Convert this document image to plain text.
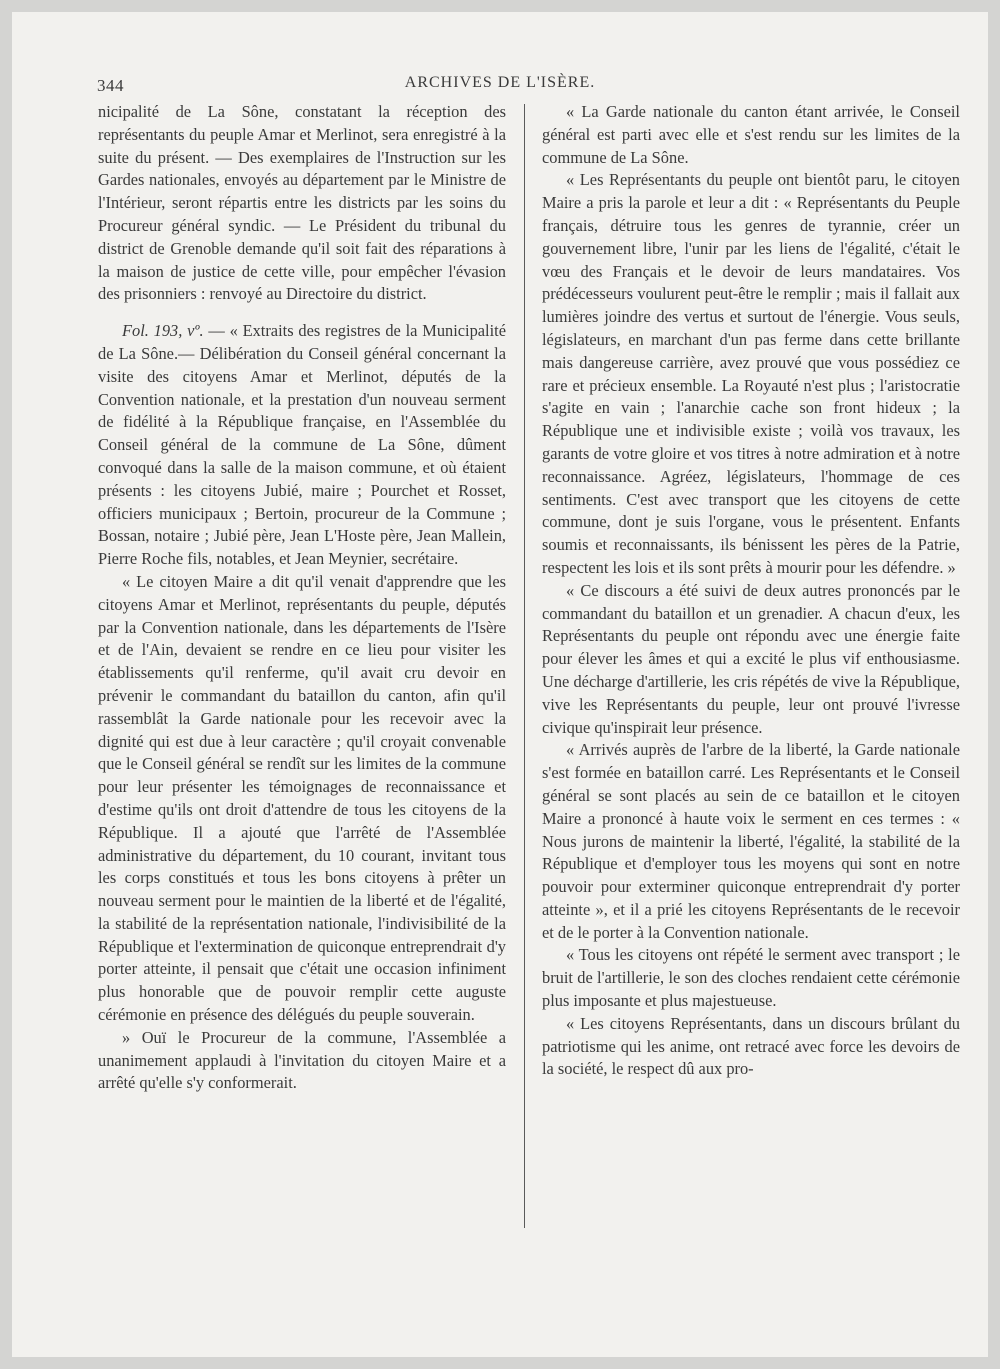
344	ARCHIVES DE L'ISÈRE.

nicipalité de La Sône, constatant la réception des représentants du peuple Amar et Merlinot, sera enregistré à la suite du présent. — Des exemplaires de l'Instruction sur les Gardes nationales, envoyés au département par le Ministre de l'Intérieur, seront répartis entre les districts par les soins du Procureur général syndic. — Le Président du tribunal du district de Grenoble demande qu'il soit fait des réparations à la maison de justice de cette ville, pour empêcher l'évasion des prisonniers : renvoyé au Directoire du district.

Fol. 193, vº. — « Extraits des registres de la Municipalité de La Sône.— Délibération du Conseil général concernant la visite des citoyens Amar et Merlinot, députés de la Convention nationale, et la prestation d'un nouveau serment de fidélité à la République française, en l'Assemblée du Conseil général de la commune de La Sône, dûment convoqué dans la salle de la maison commune, et où étaient présents : les citoyens Jubié, maire ; Pourchet et Rosset, officiers municipaux ; Bertoin, procureur de la Commune ; Bossan, notaire ; Jubié père, Jean L'Hoste père, Jean Mallein, Pierre Roche fils, notables, et Jean Meynier, secrétaire.

« Le citoyen Maire a dit qu'il venait d'apprendre que les citoyens Amar et Merlinot, représentants du peuple, députés par la Convention nationale, dans les départements de l'Isère et de l'Ain, devaient se rendre en ce lieu pour visiter les établissements qu'il renferme, qu'il avait cru devoir en prévenir le commandant du bataillon du canton, afin qu'il rassemblât la Garde nationale pour les recevoir avec la dignité qui est due à leur caractère ; qu'il croyait convenable que le Conseil général se rendît sur les limites de la commune pour leur présenter les témoignages de reconnaissance et d'estime qu'ils ont droit d'attendre de tous les citoyens de la République. Il a ajouté que l'arrêté de l'Assemblée administrative du département, du 10 courant, invitant tous les corps constitués et tous les bons citoyens à prêter un nouveau serment pour le maintien de la liberté et de l'égalité, la stabilité de la représentation nationale, l'indivisibilité de la République et l'extermination de quiconque entreprendrait d'y porter atteinte, il pensait que c'était une occasion infiniment plus honorable que de pouvoir remplir cette auguste cérémonie en présence des délégués du peuple souverain.

» Ouï le Procureur de la commune, l'Assemblée a unanimement applaudi à l'invitation du citoyen Maire et a arrêté qu'elle s'y conformerait.

« La Garde nationale du canton étant arrivée, le Conseil général est parti avec elle et s'est rendu sur les limites de la commune de La Sône.

« Les Représentants du peuple ont bientôt paru, le citoyen Maire a pris la parole et leur a dit : « Représentants du Peuple français, détruire tous les genres de tyrannie, créer un gouvernement libre, l'unir par les liens de l'égalité, c'était le vœu des Français et le devoir de leurs mandataires. Vos prédécesseurs voulurent peut-être le remplir ; mais il fallait aux lumières joindre des vertus et surtout de l'énergie. Vous seuls, législateurs, en marchant d'un pas ferme dans cette brillante mais dangereuse carrière, avez prouvé que vous possédiez ce rare et précieux ensemble. La Royauté n'est plus ; l'aristocratie s'agite en vain ; l'anarchie cache son front hideux ; la République une et indivisible existe ; voilà vos travaux, les garants de votre gloire et vos titres à notre admiration et à notre reconnaissance. Agréez, législateurs, l'hommage de ces sentiments. C'est avec transport que les citoyens de cette commune, dont je suis l'organe, vous le présentent. Enfants soumis et reconnaissants, ils bénissent les pères de la Patrie, respectent les lois et ils sont prêts à mourir pour les défendre. »

« Ce discours a été suivi de deux autres prononcés par le commandant du bataillon et un grenadier. A chacun d'eux, les Représentants du peuple ont répondu avec une énergie faite pour élever les âmes et qui a excité le plus vif enthousiasme. Une décharge d'artillerie, les cris répétés de vive la République, vive les Représentants du peuple, leur ont prouvé l'ivresse civique qu'inspirait leur présence.

« Arrivés auprès de l'arbre de la liberté, la Garde nationale s'est formée en bataillon carré. Les Représentants et le Conseil général se sont placés au sein de ce bataillon et le citoyen Maire a prononcé à haute voix le serment en ces termes : « Nous jurons de maintenir la liberté, l'égalité, la stabilité de la République et d'employer tous les moyens qui sont en notre pouvoir pour exterminer quiconque entreprendrait d'y porter atteinte », et il a prié les citoyens Représentants de le recevoir et de le porter à la Convention nationale.

« Tous les citoyens ont répété le serment avec transport ; le bruit de l'artillerie, le son des cloches rendaient cette cérémonie plus imposante et plus majestueuse.

« Les citoyens Représentants, dans un discours brûlant du patriotisme qui les anime, ont retracé avec force les devoirs de la société, le respect dû aux pro-
